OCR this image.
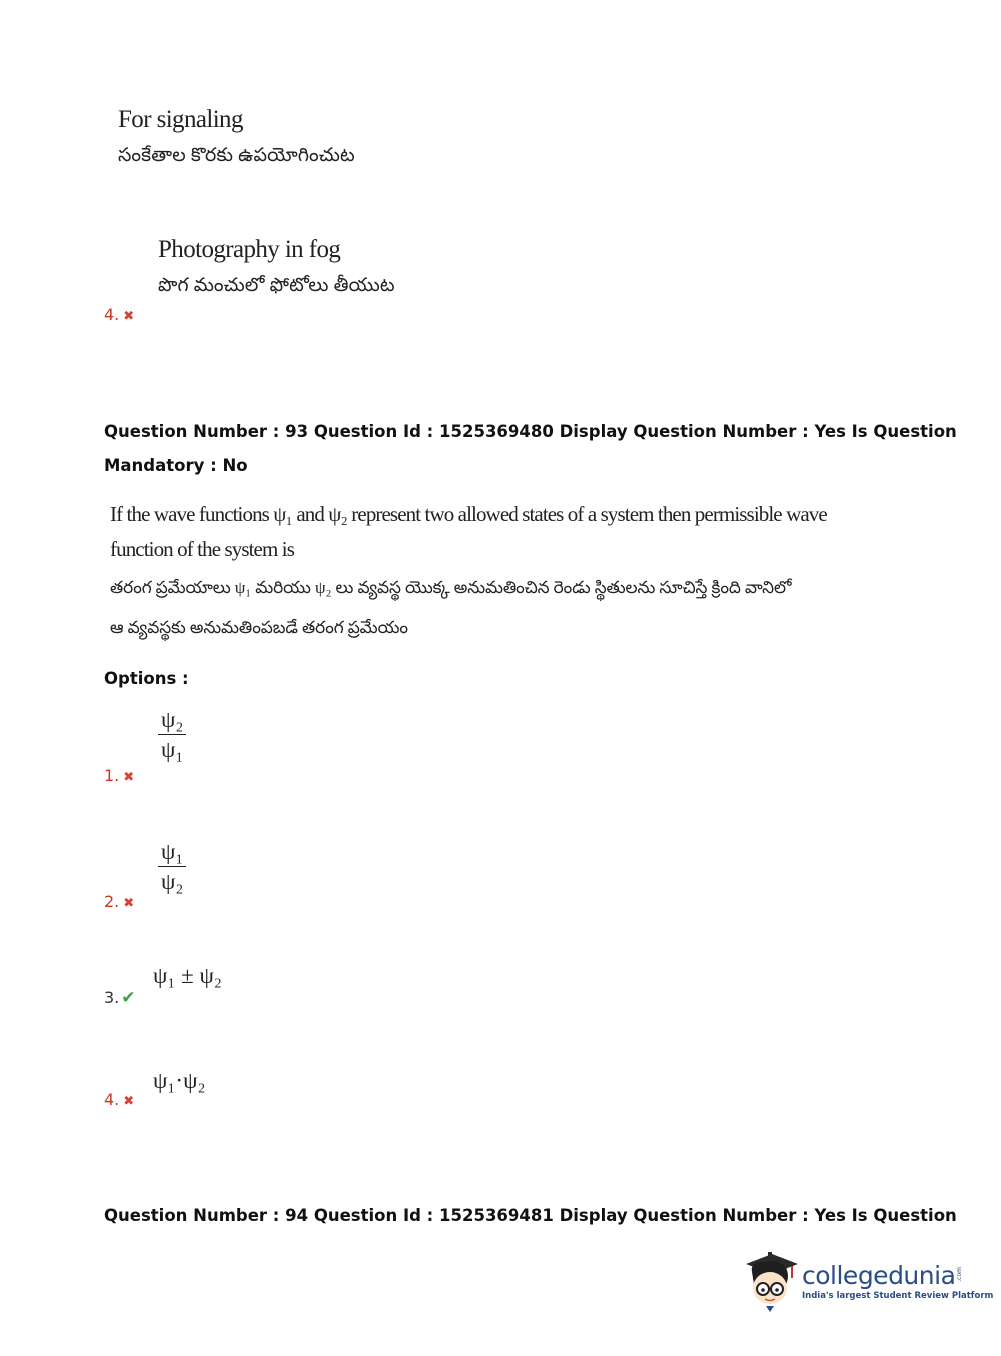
For signaling
సంకేతాల కొరకు ఉపయోగించుట
Photography in fog
పొగ మంచులో ఫోటోలు తీయుట
4. ✖
Question Number : 93 Question Id : 1525369480 Display Question Number : Yes Is Question
Mandatory : No
If the wave functions ψ₁ and ψ₂ represent two allowed states of a system then permissible wave
function of the system is
తరంగ ప్రమేయాలు ψ₁ మరియు ψ₂ లు వ్యవస్థ యొక్క అనుమతించిన రెండు స్థితులను సూచిస్తే క్రింది వానిలో
ఆ వ్యవస్థకు అనుమతింపబడే తరంగ ప్రమేయం
Options :
$\frac{\text{ψ₂}}{\text{ψ₁}}$
1. ✖
$\frac{\text{ψ₁}}{\text{ψ₂}}$
2. ✖
ψ₁ ± ψ₂
3. ✔
ψ₁·ψ₂
4. ✖
Question Number : 94 Question Id : 1525369481 Display Question Number : Yes Is Question
collegedunia .com
India's largest Student Review Platform
